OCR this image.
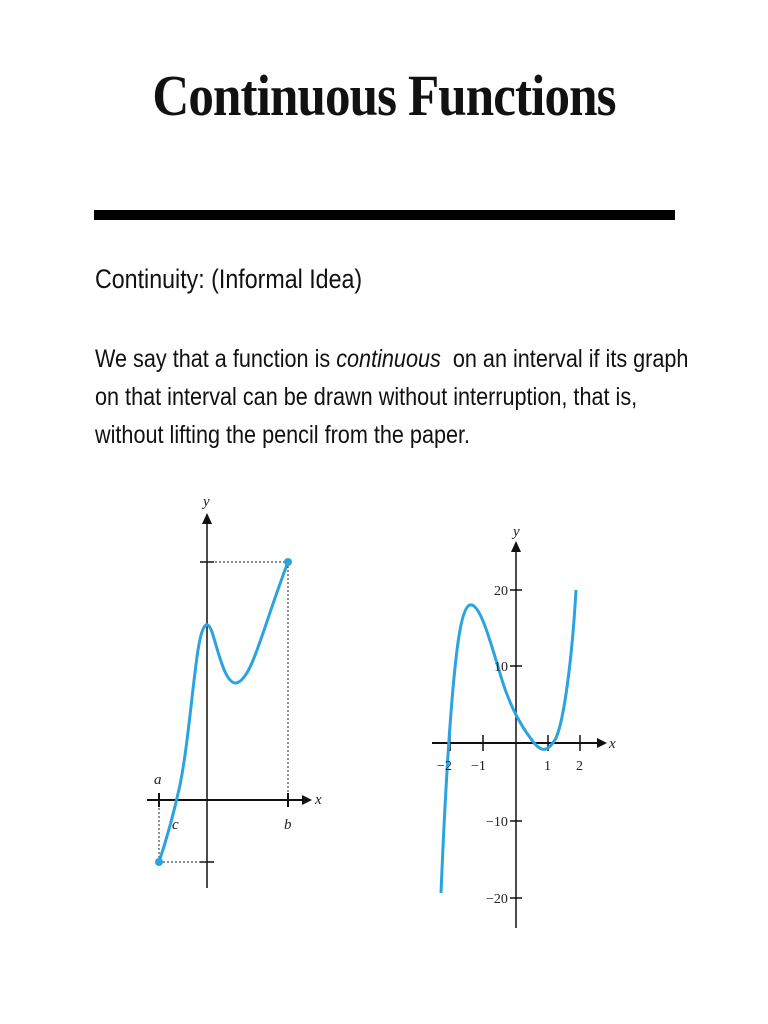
Continuous Functions
Continuity: (Informal Idea)
We say that a function is continuous on an interval if its graph
on that interval can be drawn without interruption, that is,
without lifting the pencil from the paper.
y
x
a
b
c
y
x
−2 −1	1 2
20
10
−10
−20
